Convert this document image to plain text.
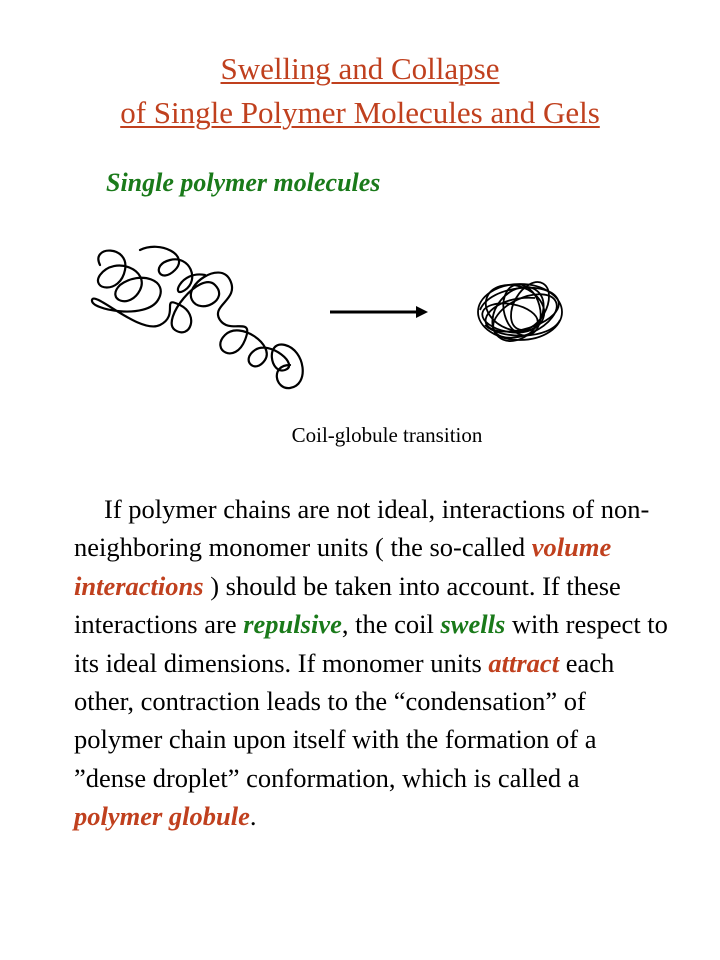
Swelling and Collapse
of Single Polymer Molecules and Gels
Single polymer molecules
Coil-globule transition
If polymer chains are not ideal, interactions of non-neighboring monomer units ( the so-called volume interactions ) should be taken into account. If these interactions are repulsive, the coil swells with respect to its ideal dimensions. If monomer units attract each other, contraction leads to the “condensation” of polymer chain upon itself with the formation of a ”dense droplet” conformation, which is called a polymer globule.
